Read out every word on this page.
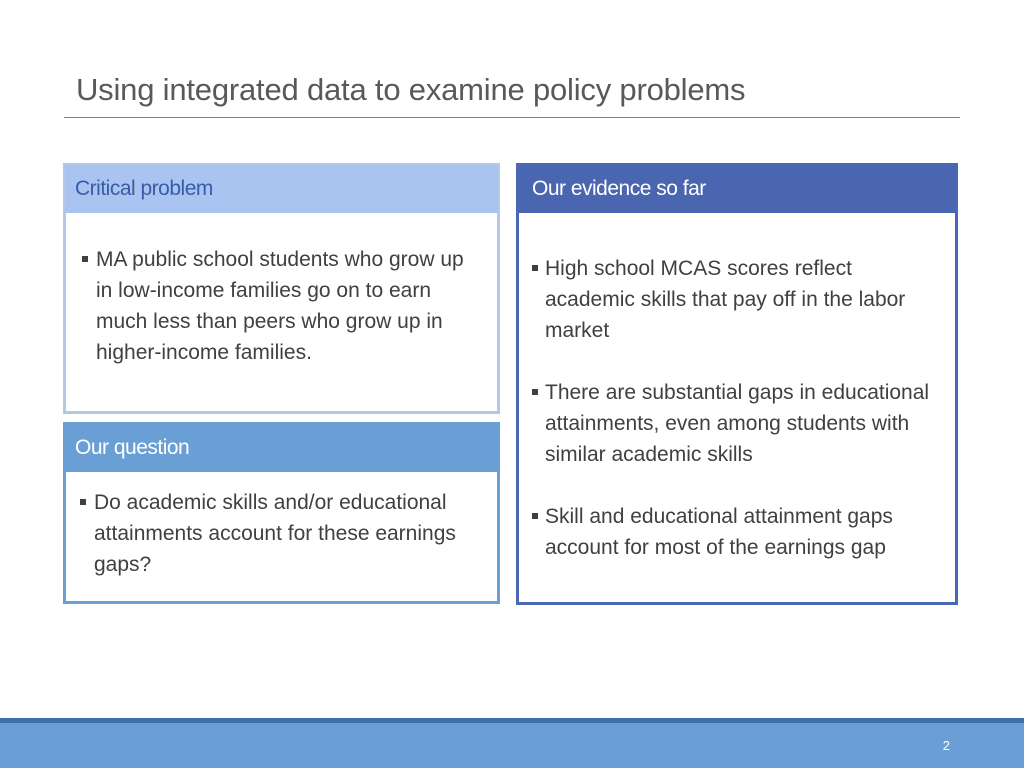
Using integrated data to examine policy problems
Critical problem
MA public school students who grow up in low-income families go on to earn much less than peers who grow up in higher-income families.
Our question
Do academic skills and/or educational attainments account for these earnings gaps?
Our evidence so far
High school MCAS scores reflect academic skills that pay off in the labor market
There are substantial gaps in educational attainments, even among students with similar academic skills
Skill and educational attainment gaps account for most of the earnings gap
2
